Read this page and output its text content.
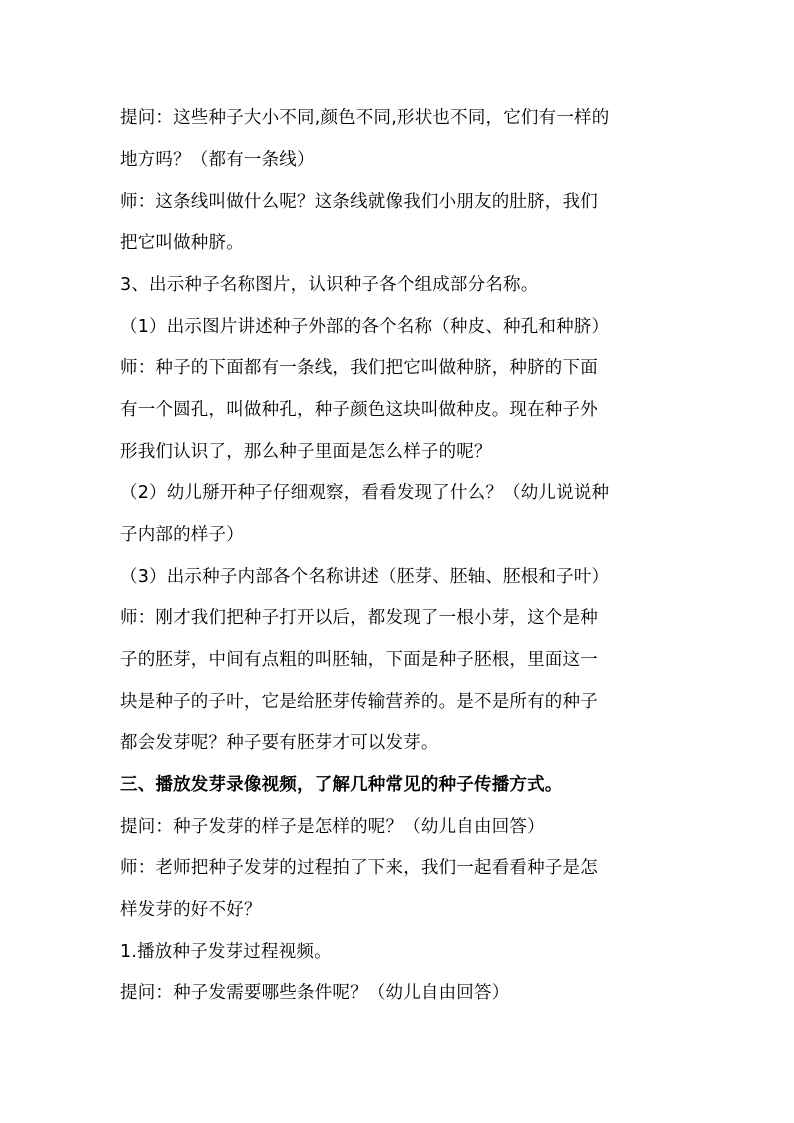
提问：这些种子大小不同,颜色不同,形状也不同，它们有一样的
地方吗？（都有一条线）
师：这条线叫做什么呢？这条线就像我们小朋友的肚脐，我们
把它叫做种脐。
3、出示种子名称图片，认识种子各个组成部分名称。
（1）出示图片讲述种子外部的各个名称（种皮、种孔和种脐）
师：种子的下面都有一条线，我们把它叫做种脐，种脐的下面
有一个圆孔，叫做种孔，种子颜色这块叫做种皮。现在种子外
形我们认识了，那么种子里面是怎么样子的呢？
（2）幼儿掰开种子仔细观察，看看发现了什么？（幼儿说说种
子内部的样子）
（3）出示种子内部各个名称讲述（胚芽、胚轴、胚根和子叶）
师：刚才我们把种子打开以后，都发现了一根小芽，这个是种
子的胚芽，中间有点粗的叫胚轴，下面是种子胚根，里面这一
块是种子的子叶，它是给胚芽传输营养的。是不是所有的种子
都会发芽呢？种子要有胚芽才可以发芽。
三、播放发芽录像视频，了解几种常见的种子传播方式。
提问：种子发芽的样子是怎样的呢？（幼儿自由回答）
师：老师把种子发芽的过程拍了下来，我们一起看看种子是怎
样发芽的好不好？
1.播放种子发芽过程视频。
提问：种子发需要哪些条件呢？（幼儿自由回答）
